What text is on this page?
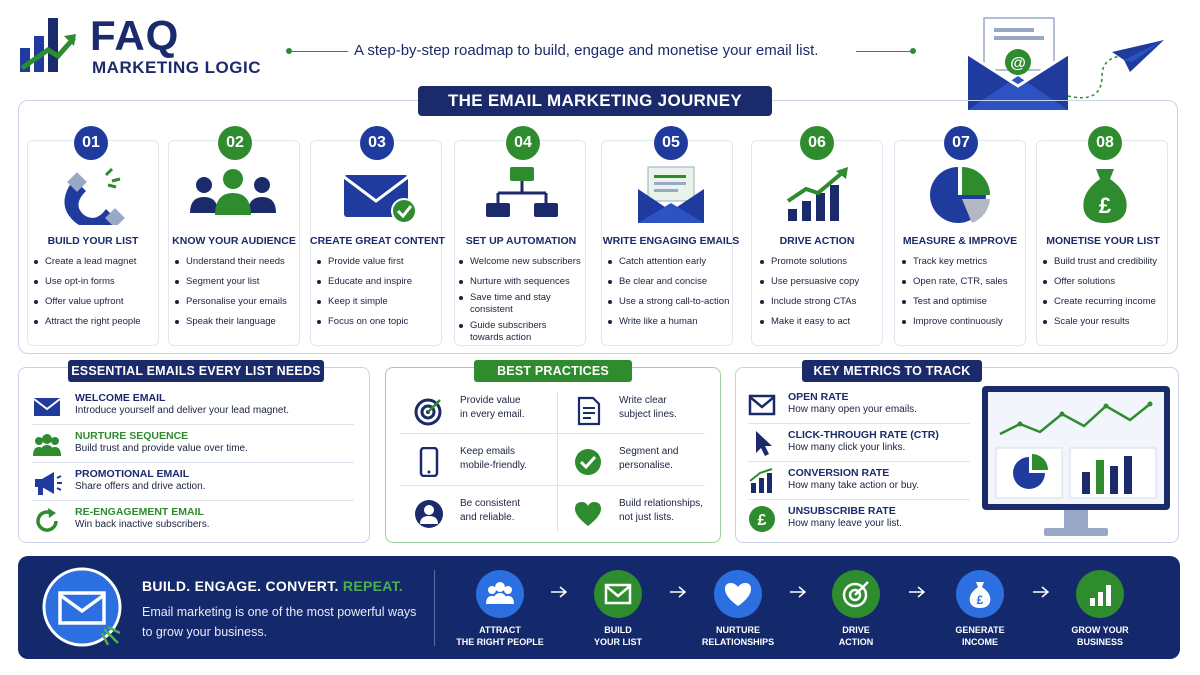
FAQ
MARKETING LOGIC
A step-by-step roadmap to build, engage and monetise your email list.
@
THE EMAIL MARKETING JOURNEY
01	02	03	04	05	06	07	08
£
BUILD YOUR LIST	KNOW YOUR AUDIENCE	CREATE GREAT CONTENT	SET UP AUTOMATION	WRITE ENGAGING EMAILS	DRIVE ACTION	MEASURE & IMPROVE	MONETISE YOUR LIST
Create a lead magnet
Use opt-in forms
Offer value upfront
Attract the right people
Understand their needs
Segment your list
Personalise your emails
Speak their language
Provide value first
Educate and inspire
Keep it simple
Focus on one topic
Welcome new subscribers
Nurture with sequences
Save time and stay consistent
Guide subscribers towards action
Catch attention early
Be clear and concise
Use a strong call-to-action
Write like a human
Promote solutions
Use persuasive copy
Include strong CTAs
Make it easy to act
Track key metrics
Open rate, CTR, sales
Test and optimise
Improve continuously
Build trust and credibility
Offer solutions
Create recurring income
Scale your results
ESSENTIAL EMAILS EVERY LIST NEEDS
WELCOME EMAIL
Introduce yourself and deliver your lead magnet.
NURTURE SEQUENCE
Build trust and provide value over time.
PROMOTIONAL EMAIL
Share offers and drive action.
RE-ENGAGEMENT EMAIL
Win back inactive subscribers.
BEST PRACTICES
Provide value
in every email.
Write clear
subject lines.
Keep emails
mobile-friendly.
Segment and
personalise.
Be consistent
and reliable.
Build relationships,
not just lists.
KEY METRICS TO TRACK
OPEN RATE
How many open your emails.
CLICK-THROUGH RATE (CTR)
How many click your links.
CONVERSION RATE
How many take action or buy.
£
UNSUBSCRIBE RATE
How many leave your list.
BUILD. ENGAGE. CONVERT. REPEAT.
Email marketing is one of the most powerful ways to grow your business.	ATTRACT
THE RIGHT PEOPLE
BUILD
YOUR LIST
NURTURE
RELATIONSHIPS
DRIVE
ACTION
£
GENERATE
INCOME
GROW YOUR
BUSINESS
